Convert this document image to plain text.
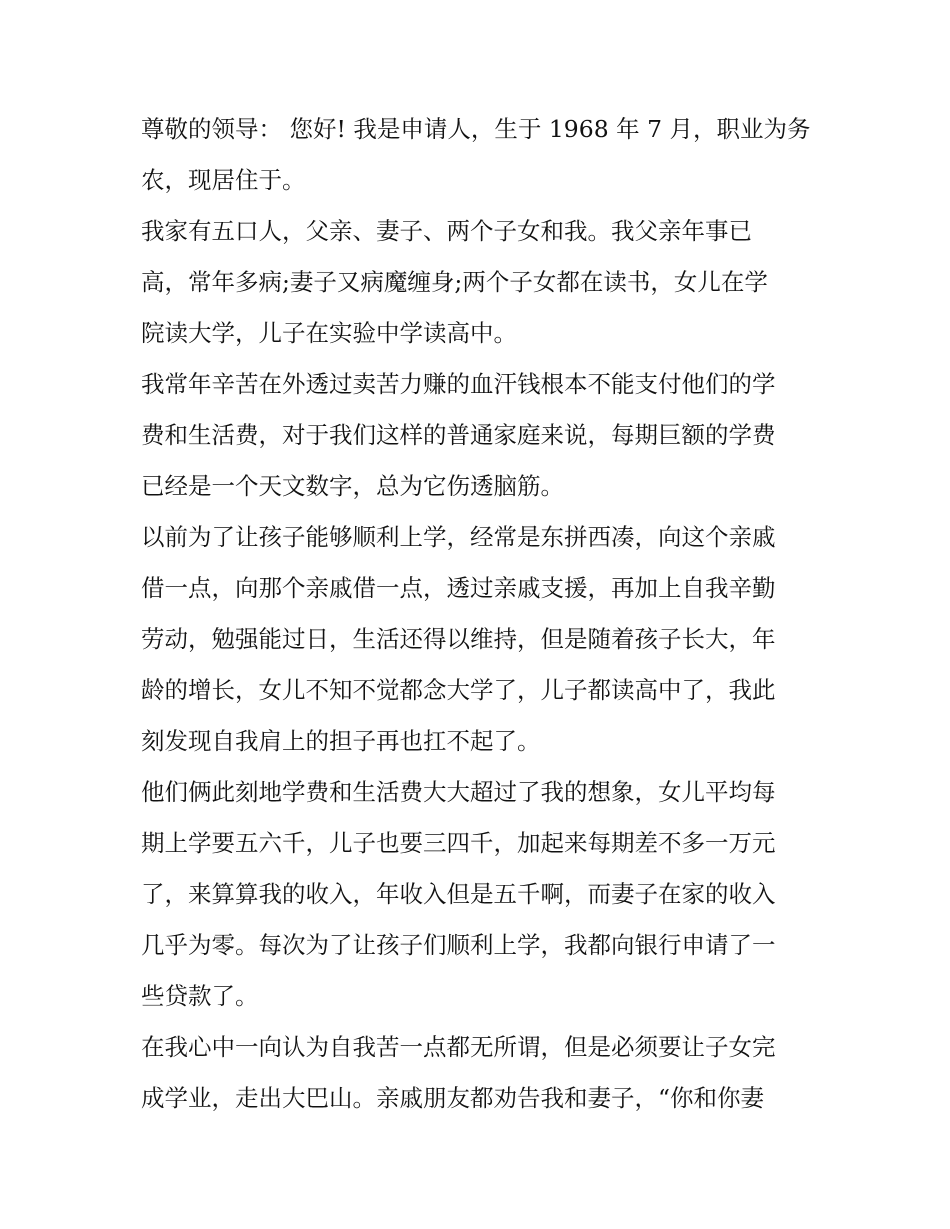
尊敬的领导： 您好! 我是申请人，生于 1968 年 7 月，职业为务
农，现居住于。
我家有五口人，父亲、妻子、两个子女和我。我父亲年事已
高，常年多病;妻子又病魔缠身;两个子女都在读书，女儿在学
院读大学，儿子在实验中学读高中。
我常年辛苦在外透过卖苦力赚的血汗钱根本不能支付他们的学
费和生活费，对于我们这样的普通家庭来说，每期巨额的学费
已经是一个天文数字，总为它伤透脑筋。
以前为了让孩子能够顺利上学，经常是东拼西凑，向这个亲戚
借一点，向那个亲戚借一点，透过亲戚支援，再加上自我辛勤
劳动，勉强能过日，生活还得以维持，但是随着孩子长大，年
龄的增长，女儿不知不觉都念大学了，儿子都读高中了，我此
刻发现自我肩上的担子再也扛不起了。
他们俩此刻地学费和生活费大大超过了我的想象，女儿平均每
期上学要五六千，儿子也要三四千，加起来每期差不多一万元
了，来算算我的收入，年收入但是五千啊，而妻子在家的收入
几乎为零。每次为了让孩子们顺利上学，我都向银行申请了一
些贷款了。
在我心中一向认为自我苦一点都无所谓，但是必须要让子女完
成学业，走出大巴山。亲戚朋友都劝告我和妻子，“你和你妻
